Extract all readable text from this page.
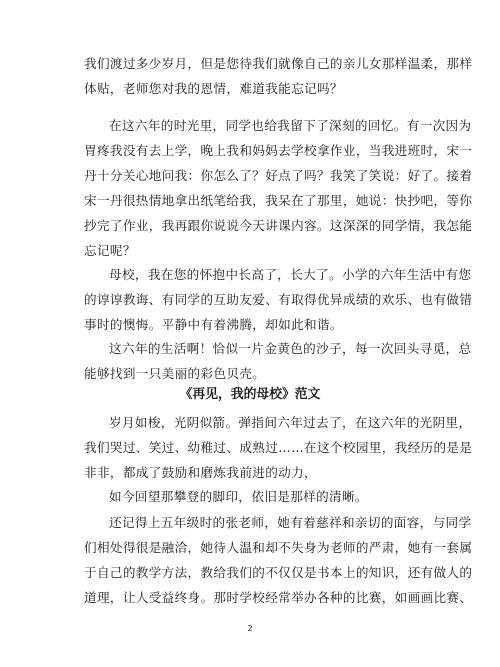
我们渡过多少岁月，但是您待我们就像自己的亲儿女那样温柔，那样
体贴，老师您对我的恩情，难道我能忘记吗？

在这六年的时光里，同学也给我留下了深刻的回忆。有一次因为
胃疼我没有去上学，晚上我和妈妈去学校拿作业，当我进班时，宋一
丹十分关心地问我：你怎么了？好点了吗？我笑了笑说：好了。接着
宋一丹很热情地拿出纸笔给我，我呆在了那里，她说：快抄吧，等你
抄完了作业，我再跟你说说今天讲课内容。这深深的同学情，我怎能
忘记呢？

母校，我在您的怀抱中长高了，长大了。小学的六年生活中有您
的谆谆教诲、有同学的互助友爱、有取得优异成绩的欢乐、也有做错
事时的懊悔。平静中有着沸腾，却如此和谐。

这六年的生活啊！恰似一片金黄色的沙子，每一次回头寻觅，总
能够找到一只美丽的彩色贝壳。

《再见，我的母校》范文

岁月如梭，光阴似箭。弹指间六年过去了，在这六年的光阴里，
我们哭过、笑过、幼稚过、成熟过……在这个校园里，我经历的是是
非非，都成了鼓励和磨炼我前进的动力，

如今回望那攀登的脚印，依旧是那样的清晰。

还记得上五年级时的张老师，她有着慈祥和亲切的面容，与同学
们相处得很是融洽，她待人温和却不失身为老师的严肃，她有一套属
于自己的教学方法，教给我们的不仅仅是书本上的知识，还有做人的
道理，让人受益终身。那时学校经常举办各种的比赛，如画画比赛、

2
